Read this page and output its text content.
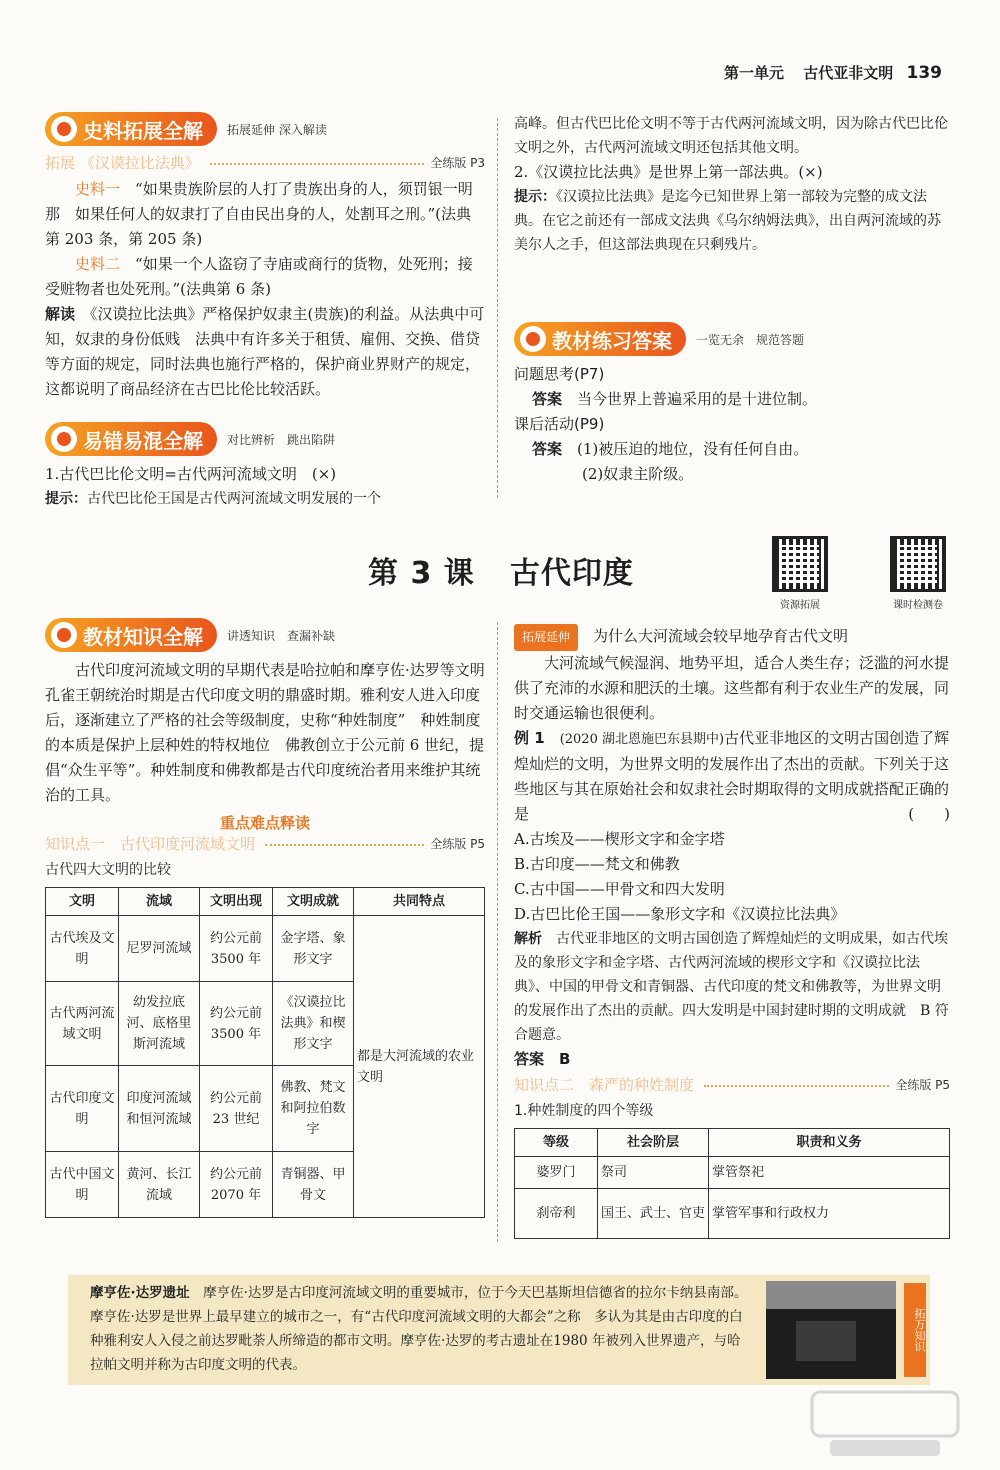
第一单元 古代亚非文明 139
史料拓展全解 拓展延伸 深入解读
拓展 《汉谟拉比法典》	全练版 P3

史料一　 “如果贵族阶层的人打了贵族出身的人，须罚银一明那　如果任何人的奴隶打了自由民出身的人，处割耳之刑。”(法典第 203 条，第 205 条)

史料二　 “如果一个人盗窃了寺庙或商行的货物，处死刑；接受赃物者也处死刑。”(法典第 6 条)

解读　 《汉谟拉比法典》严格保护奴隶主(贵族)的利益。从法典中可知，奴隶的身份低贱　法典中有许多关于租赁、雇佣、交换、借贷等方面的规定，同时法典也施行严格的，保护商业界财产的规定，这都说明了商品经济在古巴比伦比较活跃。

易错易混全解 对比辨析　跳出陷阱

1.古代巴比伦文明=古代两河流域文明　(×)

提示：古代巴比伦王国是古代两河流域文明发展的一个

高峰。但古代巴比伦文明不等于古代两河流域文明，因为除古代巴比伦文明之外，古代两河流域文明还包括其他文明。

2.《汉谟拉比法典》是世界上第一部法典。(×)

提示：《汉谟拉比法典》是迄今已知世界上第一部较为完整的成文法典。在它之前还有一部成文法典《乌尔纳姆法典》，出自两河流域的苏美尔人之手，但这部法典现在只剩残片。

教材练习答案 一览无余　规范答题

问题思考(P7)

答案　 当今世界上普遍采用的是十进位制。

课后活动(P9)

答案　 (1)被压迫的地位，没有任何自由。

(2)奴隶主阶级。

第 3 课 古代印度
资源拓展	课时检测卷
教材知识全解 讲透知识　查漏补缺

古代印度河流域文明的早期代表是哈拉帕和摩亨佐·达罗等文明　孔雀王朝统治时期是古代印度文明的鼎盛时期。雅利安人进入印度后，逐渐建立了严格的社会等级制度，史称“种姓制度”　种姓制度的本质是保护上层种姓的特权地位　佛教创立于公元前 6 世纪，提倡“众生平等”。种姓制度和佛教都是古代印度统治者用来维护其统治的工具。

重点难点释读
知识点一　古代印度河流域文明	全练版 P5

古代四大文明的比较

文明	流域	文明出现	文明成就	共同特点
古代埃及文明	尼罗河流域	约公元前3500 年	金字塔、象形文字	都是大河流域的农业文明
古代两河流域文明	幼发拉底河、底格里斯河流域	约公元前3500 年	《汉谟拉比法典》和楔形文字	
古代印度文明	印度河流域和恒河流域	约公元前23 世纪	佛教、梵文和阿拉伯数字	
古代中国文明	黄河、长江流域	约公元前2070 年	青铜器、甲骨文	

拓展延伸　 为什么大河流域会较早地孕育古代文明

大河流域气候湿润、地势平坦，适合人类生存；泛滥的河水提供了充沛的水源和肥沃的土壤。这些都有利于农业生产的发展，同时交通运输也很便利。

例 1　 (2020 湖北恩施巴东县期中)古代亚非地区的文明古国创造了辉煌灿烂的文明，为世界文明的发展作出了杰出的贡献。下列关于这些地区与其在原始社会和奴隶社会时期取得的文明成就搭配正确的是	(　　)

A.古埃及——楔形文字和金字塔

B.古印度——梵文和佛教

C.古中国——甲骨文和四大发明

D.古巴比伦王国——象形文字和《汉谟拉比法典》

解析　 古代亚非地区的文明古国创造了辉煌灿烂的文明成果，如古代埃及的象形文字和金字塔、古代两河流域的楔形文字和《汉谟拉比法典》、中国的甲骨文和青铜器、古代印度的梵文和佛教等，为世界文明的发展作出了杰出的贡献。四大发明是中国封建时期的文明成就　B 符合题意。

答案　 B

知识点二　森严的种姓制度	全练版 P5

1.种姓制度的四个等级

等级	社会阶层	职责和义务
婆罗门	祭司	掌管祭祀
刹帝利	国王、武士、官吏	掌管军事和行政权力

摩亨佐·达罗遗址　 摩亨佐·达罗是古印度河流域文明的重要城市，位于今天巴基斯坦信德省的拉尔卡纳县南部。摩亨佐·达罗是世界上最早建立的城市之一，有“古代印度河流域文明的大都会”之称　多认为其是由古印度的白种雅利安人入侵之前达罗毗荼人所缔造的都市文明。摩亨佐·达罗的考古遗址在1980 年被列入世界遗产，与哈拉帕文明并称为古印度文明的代表。

拓万知识
